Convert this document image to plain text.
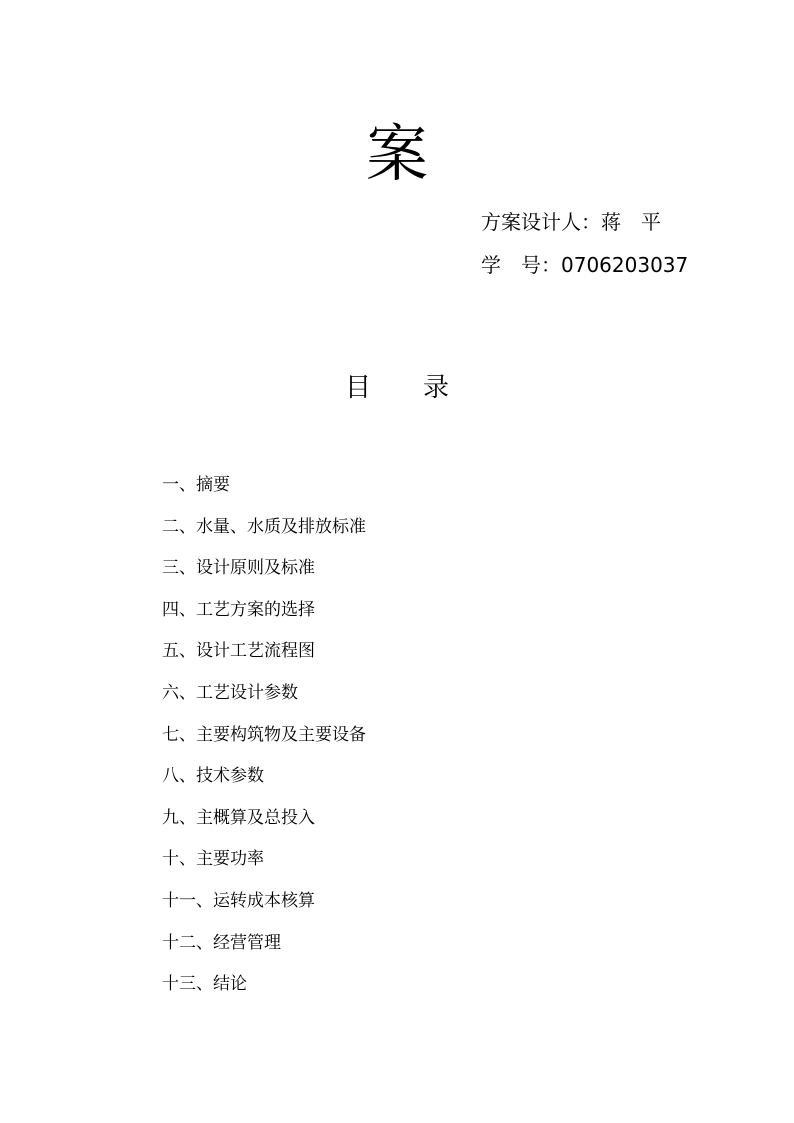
案
方案设计人：蒋　平
学　号：0706203037
目　　录
一、摘要
二、水量、水质及排放标准
三、设计原则及标准
四、工艺方案的选择
五、设计工艺流程图
六、工艺设计参数
七、主要构筑物及主要设备
八、技术参数
九、主概算及总投入
十、主要功率
十一、运转成本核算
十二、经营管理
十三、结论
